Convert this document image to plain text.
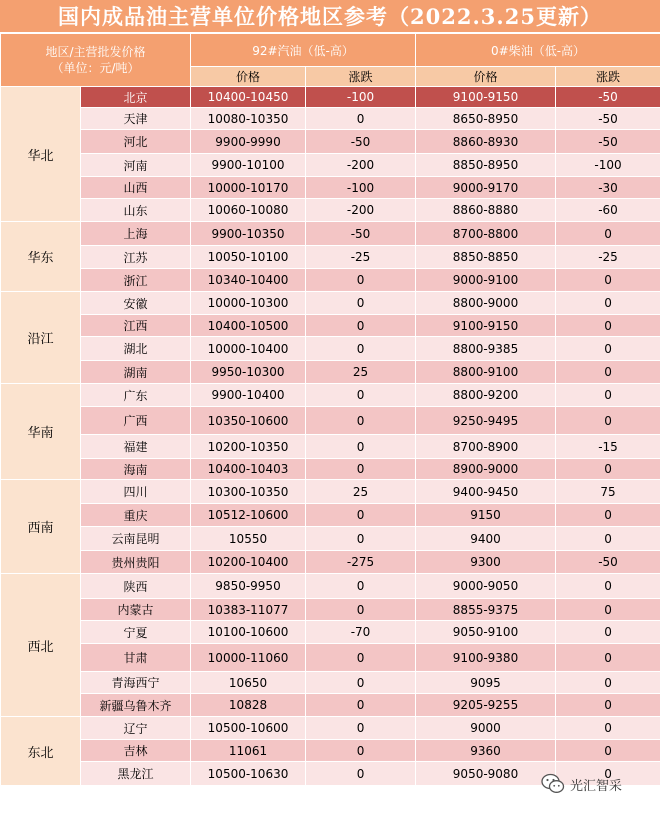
国内成品油主营单位价格地区参考（2022.3.25更新）
地区/主营批发价格
（单位：元/吨）		92#汽油（低-高）		0#柴油（低-高）	
		价格	涨跌	价格	涨跌
华北	北京	10400-10450	-100	9100-9150	-50
	天津	10080-10350	0	8650-8950	-50
	河北	9900-9990	-50	8860-8930	-50
	河南	9900-10100	-200	8850-8950	-100
	山西	10000-10170	-100	9000-9170	-30
	山东	10060-10080	-200	8860-8880	-60
华东	上海	9900-10350	-50	8700-8800	0
	江苏	10050-10100	-25	8850-8850	-25
	浙江	10340-10400	0	9000-9100	0
沿江	安徽	10000-10300	0	8800-9000	0
	江西	10400-10500	0	9100-9150	0
	湖北	10000-10400	0	8800-9385	0
	湖南	9950-10300	25	8800-9100	0
华南	广东	9900-10400	0	8800-9200	0
	广西	10350-10600	0	9250-9495	0
	福建	10200-10350	0	8700-8900	-15
	海南	10400-10403	0	8900-9000	0
西南	四川	10300-10350	25	9400-9450	75
	重庆	10512-10600	0	9150	0
	云南昆明	10550	0	9400	0
	贵州贵阳	10200-10400	-275	9300	-50
西北	陕西	9850-9950	0	9000-9050	0
	内蒙古	10383-11077	0	8855-9375	0
	宁夏	10100-10600	-70	9050-9100	0
	甘肃	10000-11060	0	9100-9380	0
	青海西宁	10650	0	9095	0
	新疆乌鲁木齐	10828	0	9205-9255	0
东北	辽宁	10500-10600	0	9000	0
	吉林	11061	0	9360	0
	黑龙江	10500-10630	0	9050-9080	0
光汇智采
